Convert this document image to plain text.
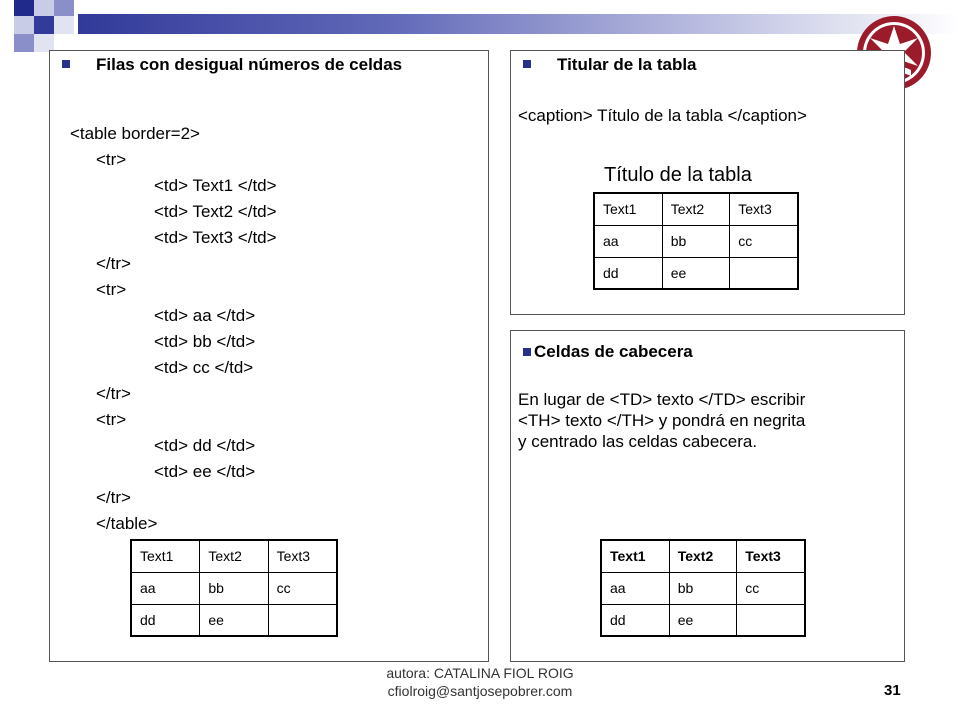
Filas con desigual números de celdas
<table border=2>
<tr>
<td> Text1 </td>
<td> Text2 </td>
<td> Text3 </td>
</tr>
<tr>
<td> aa </td>
<td> bb </td>
<td> cc </td>
</tr>
<tr>
<td> dd </td>
<td> ee </td>
</tr>
</table>
Text1	Text2	Text3
aa	bb	cc
dd	ee	
Titular de la tabla
<caption> Título de la tabla </caption>
Título de la tabla
Text1	Text2	Text3
aa	bb	cc
dd	ee	
Celdas de cabecera
En lugar de <TD> texto </TD> escribir
<TH> texto </TH> y pondrá en negrita
y centrado las celdas cabecera.
Text1	Text2	Text3
aa	bb	cc
dd	ee	
autora: CATALINA FIOL ROIG
cfiolroig@santjosepobrer.com	31
